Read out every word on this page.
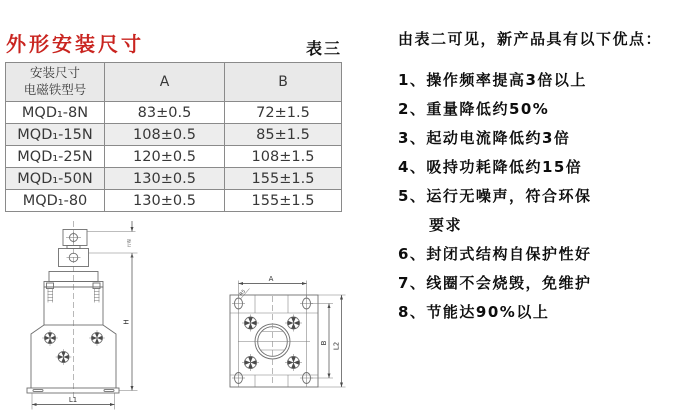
外形安装尺寸	表三
安装尺寸
电磁铁型号	A	B
MQD₁-8N	83±0.5	72±1.5
MQD₁-15N	108±0.5	85±1.5
MQD₁-25N	120±0.5	108±1.5
MQD₁-50N	130±0.5	155±1.5
MQD₁-80	130±0.5	155±1.5
由表二可见，新产品具有以下优点：
1、操作频率提高3倍以上
2、重量降低约50%
3、起动电流降低约3倍
4、吸持功耗降低约15倍
5、运行无噪声，符合环保
要求
6、封闭式结构自保护性好
7、线圈不会烧毁，免维护
8、节能达90%以上
行程
H
L1
A
R5
B L2
